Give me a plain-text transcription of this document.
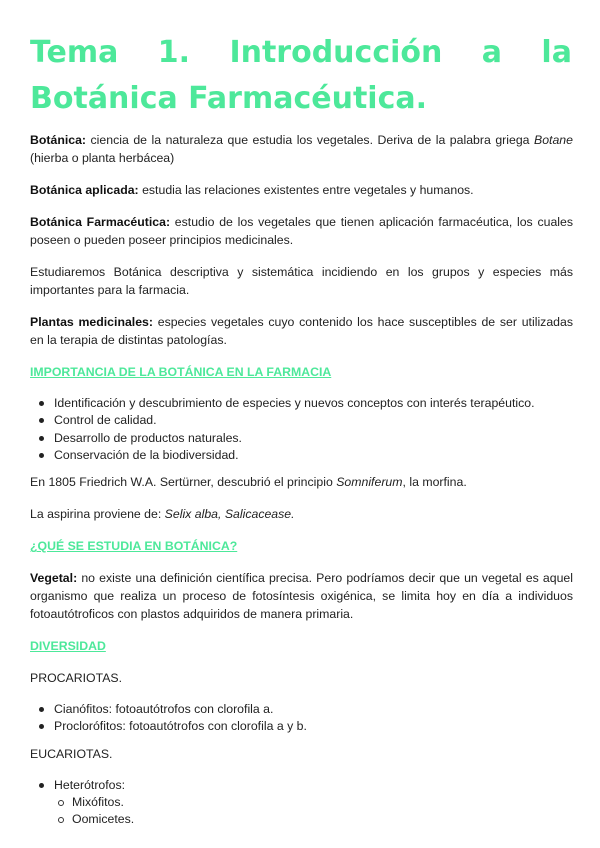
Tema 1. Introducción a la
Botánica Farmacéutica.

Botánica: ciencia de la naturaleza que estudia los vegetales. Deriva de la palabra griega Botane (hierba o planta herbácea)

Botánica aplicada: estudia las relaciones existentes entre vegetales y humanos.

Botánica Farmacéutica: estudio de los vegetales que tienen aplicación farmacéutica, los cuales poseen o pueden poseer principios medicinales.

Estudiaremos Botánica descriptiva y sistemática incidiendo en los grupos y especies más importantes para la farmacia.

Plantas medicinales: especies vegetales cuyo contenido los hace susceptibles de ser utilizadas en la terapia de distintas patologías.

IMPORTANCIA DE LA BOTÁNICA EN LA FARMACIA
Identificación y descubrimiento de especies y nuevos conceptos con interés terapéutico.
Control de calidad.
Desarrollo de productos naturales.
Conservación de la biodiversidad.

En 1805 Friedrich W.A. Sertürner, descubrió el principio Somniferum, la morfina.

La aspirina proviene de: Selix alba, Salicacease.

¿QUÉ SE ESTUDIA EN BOTÁNICA?

Vegetal: no existe una definición científica precisa. Pero podríamos decir que un vegetal es aquel organismo que realiza un proceso de fotosíntesis oxigénica, se limita hoy en día a individuos fotoautótroficos con plastos adquiridos de manera primaria.

DIVERSIDAD

PROCARIOTAS.

Cianófitos: fotoautótrofos con clorofila a.
Proclorófitos: fotoautótrofos con clorofila a y b.

EUCARIOTAS.

Heterótrofos:
Mixófitos.
Oomicetes.
